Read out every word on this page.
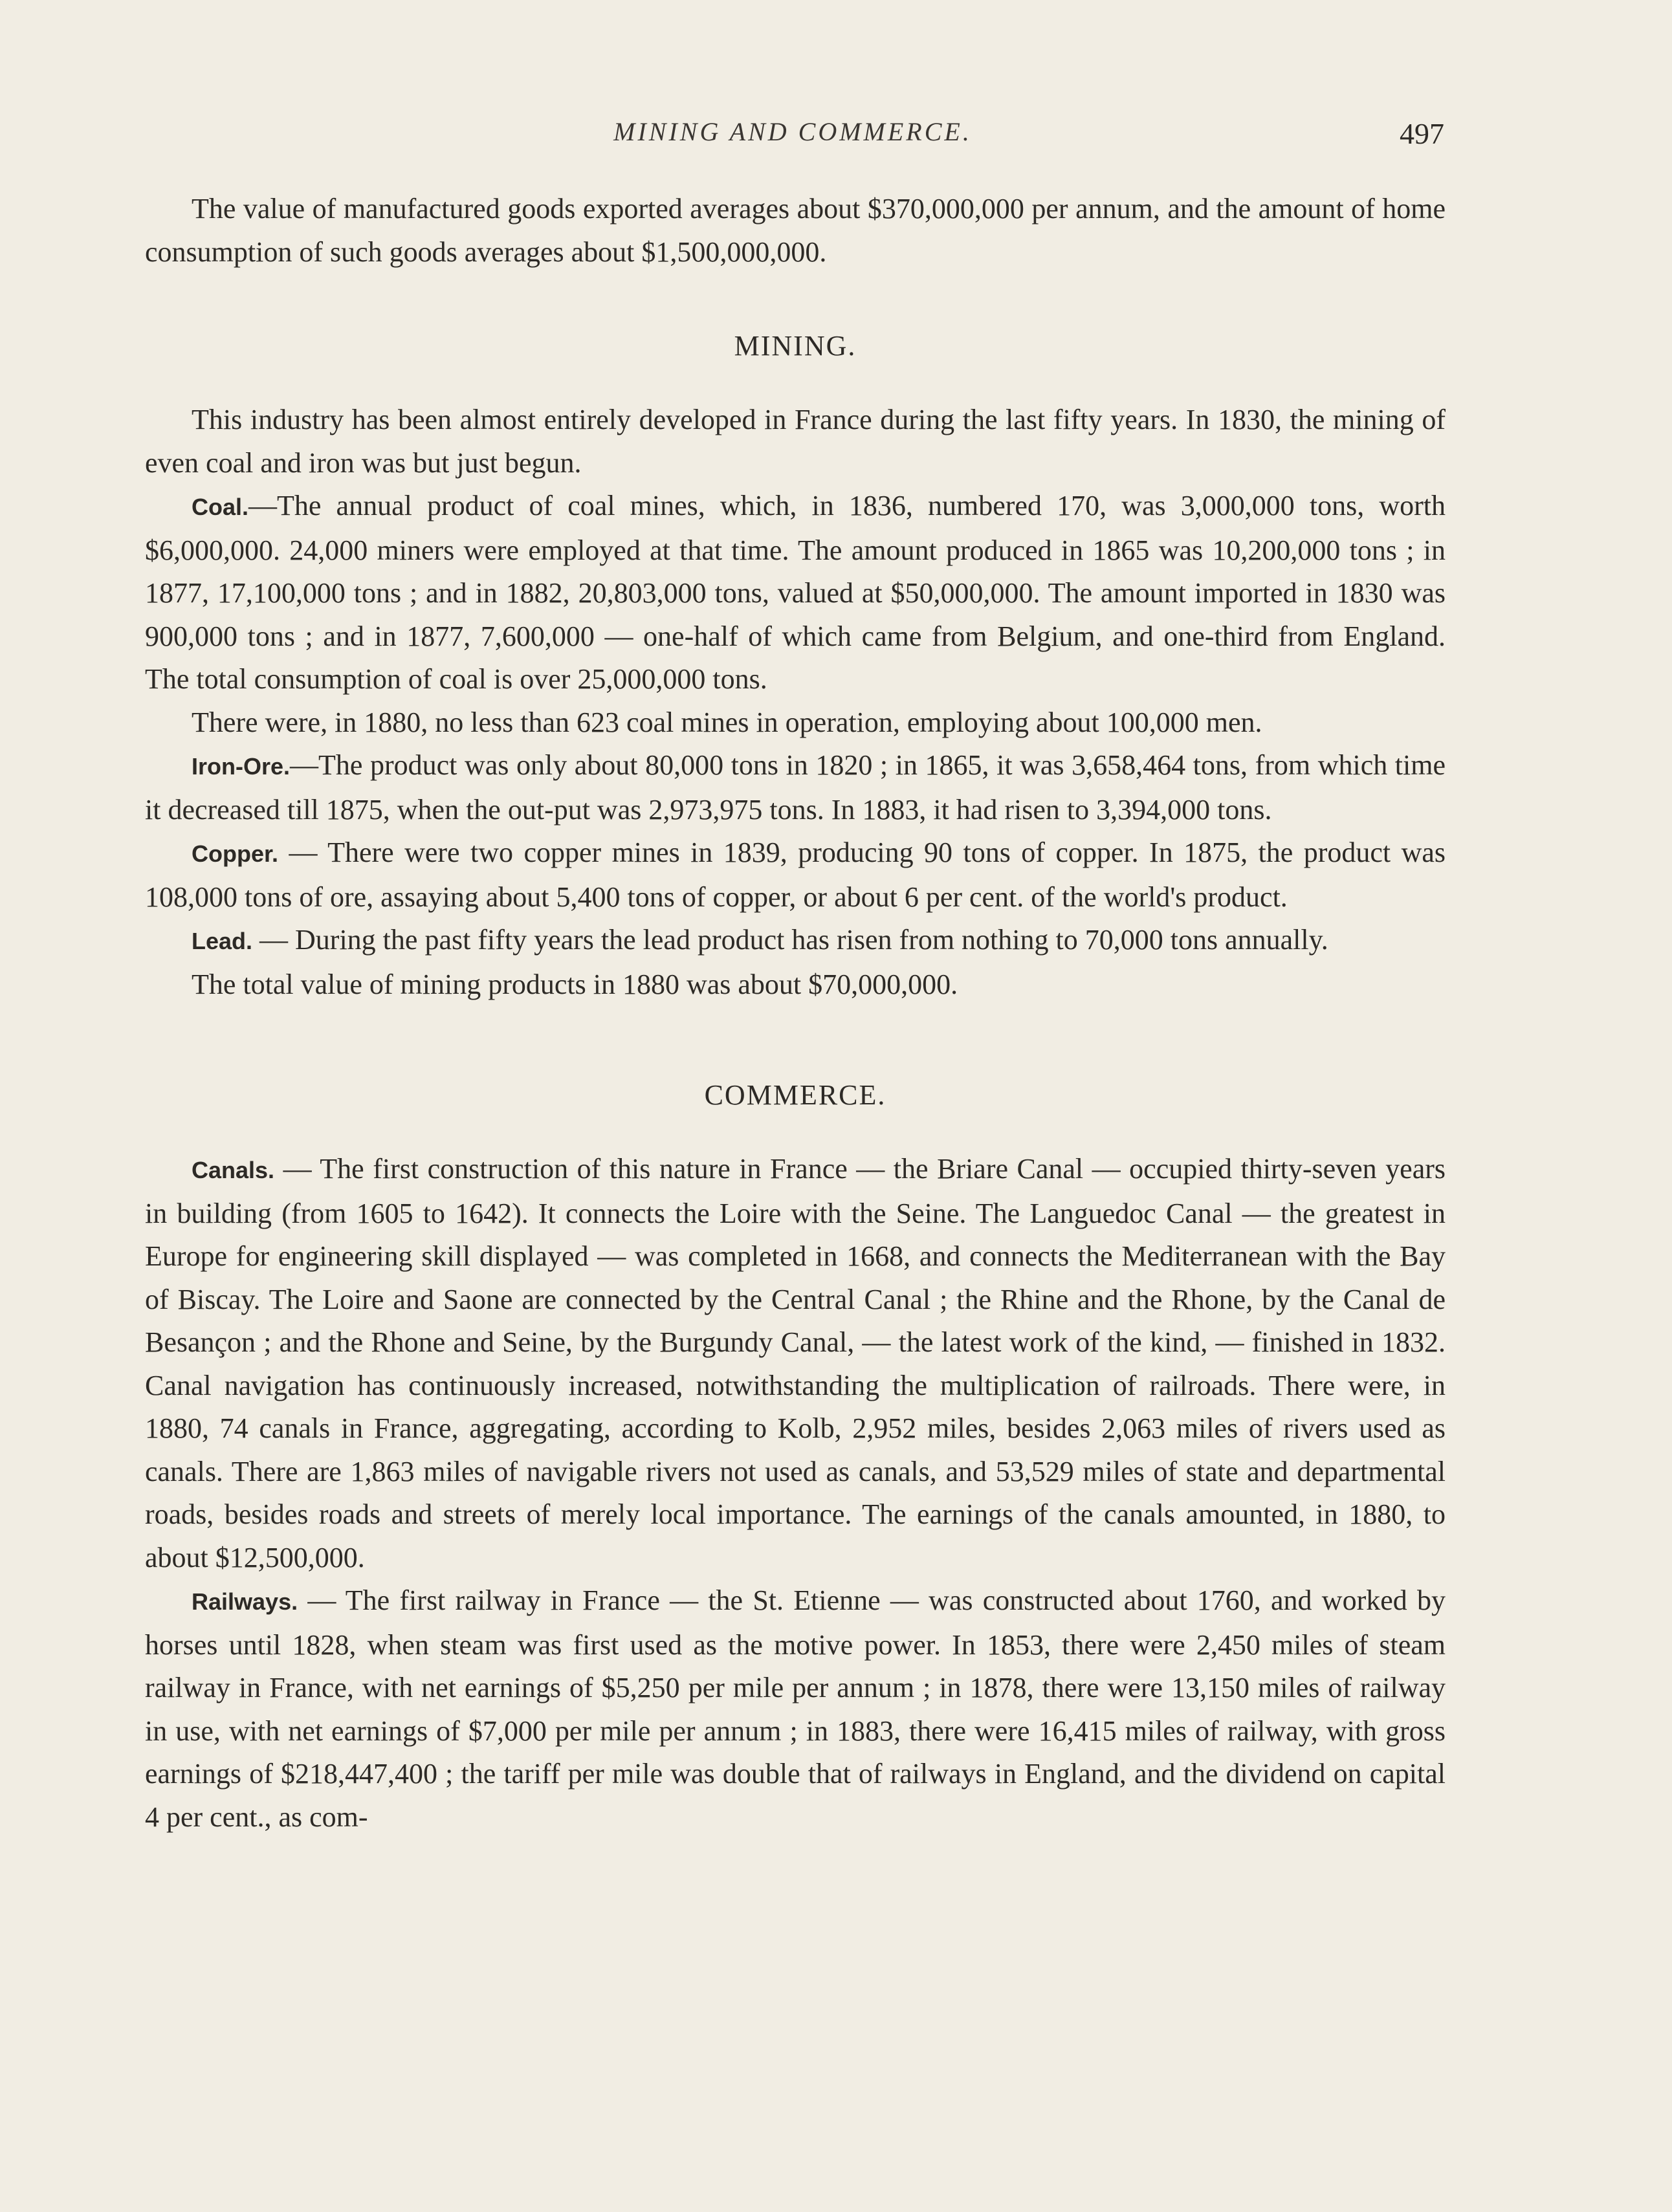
MINING AND COMMERCE.	497

The value of manufactured goods exported averages about $370,000,000 per annum, and the amount of home consumption of such goods averages about $1,500,000,000.

MINING.

This industry has been almost entirely developed in France during the last fifty years. In 1830, the mining of even coal and iron was but just begun.

Coal.—The annual product of coal mines, which, in 1836, numbered 170, was 3,000,000 tons, worth $6,000,000. 24,000 miners were employed at that time. The amount produced in 1865 was 10,200,000 tons ; in 1877, 17,100,000 tons ; and in 1882, 20,803,000 tons, valued at $50,000,000. The amount imported in 1830 was 900,000 tons ; and in 1877, 7,600,000 — one-half of which came from Belgium, and one-third from England. The total consumption of coal is over 25,000,000 tons.

There were, in 1880, no less than 623 coal mines in operation, employing about 100,000 men.

Iron-Ore.—The product was only about 80,000 tons in 1820 ; in 1865, it was 3,658,464 tons, from which time it decreased till 1875, when the out-put was 2,973,975 tons. In 1883, it had risen to 3,394,000 tons.

Copper. — There were two copper mines in 1839, producing 90 tons of copper. In 1875, the product was 108,000 tons of ore, assaying about 5,400 tons of copper, or about 6 per cent. of the world's product.

Lead. — During the past fifty years the lead product has risen from nothing to 70,000 tons annually.

The total value of mining products in 1880 was about $70,000,000.

COMMERCE.

Canals. — The first construction of this nature in France — the Briare Canal — occupied thirty-seven years in building (from 1605 to 1642). It connects the Loire with the Seine. The Languedoc Canal — the greatest in Europe for engineering skill displayed — was completed in 1668, and connects the Mediterranean with the Bay of Biscay. The Loire and Saone are connected by the Central Canal ; the Rhine and the Rhone, by the Canal de Besançon ; and the Rhone and Seine, by the Burgundy Canal, — the latest work of the kind, — finished in 1832. Canal navigation has continuously increased, notwithstanding the multiplication of railroads. There were, in 1880, 74 canals in France, aggregating, according to Kolb, 2,952 miles, besides 2,063 miles of rivers used as canals. There are 1,863 miles of navigable rivers not used as canals, and 53,529 miles of state and departmental roads, besides roads and streets of merely local importance. The earnings of the canals amounted, in 1880, to about $12,500,000.

Railways. — The first railway in France — the St. Etienne — was constructed about 1760, and worked by horses until 1828, when steam was first used as the motive power. In 1853, there were 2,450 miles of steam railway in France, with net earnings of $5,250 per mile per annum ; in 1878, there were 13,150 miles of railway in use, with net earnings of $7,000 per mile per annum ; in 1883, there were 16,415 miles of railway, with gross earnings of $218,447,400 ; the tariff per mile was double that of railways in England, and the dividend on capital 4 per cent., as com-
